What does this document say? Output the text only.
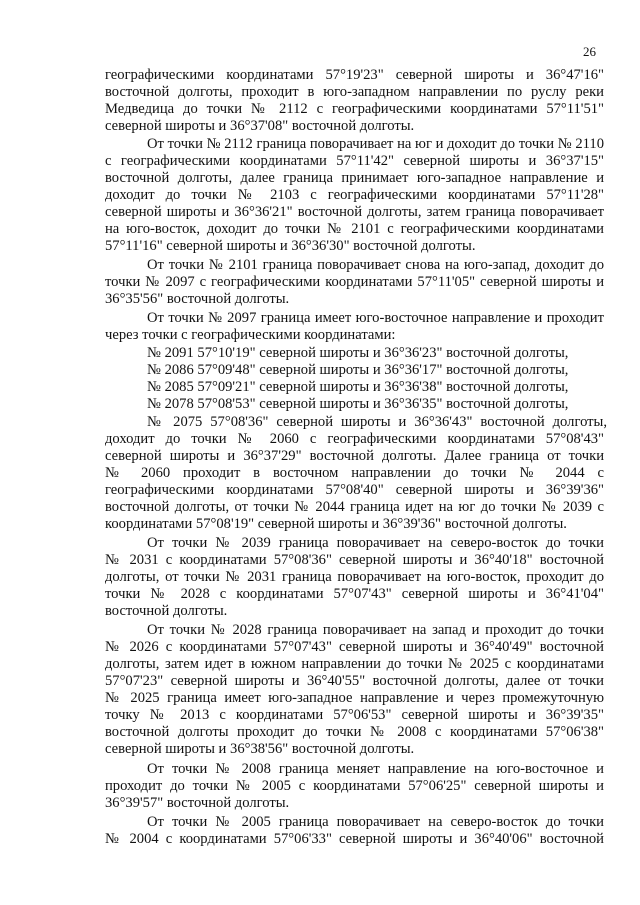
26
географическими координатами 57°19'23" северной широты и 36°47'16"
восточной долготы, проходит в юго-западном направлении по руслу реки
Медведица до точки № 2112 с географическими координатами 57°11'51"
северной широты и 36°37'08" восточной долготы.
От точки № 2112 граница поворачивает на юг и доходит до точки № 2110
с географическими координатами 57°11'42" северной широты и 36°37'15"
восточной долготы, далее граница принимает юго-западное направление и
доходит до точки № 2103 с географическими координатами 57°11'28"
северной широты и 36°36'21" восточной долготы, затем граница поворачивает
на юго-восток, доходит до точки № 2101 с географическими координатами
57°11'16" северной широты и 36°36'30" восточной долготы.
От точки № 2101 граница поворачивает снова на юго-запад, доходит до
точки № 2097 с географическими координатами 57°11'05" северной широты и
36°35'56" восточной долготы.
От точки № 2097 граница имеет юго-восточное направление и проходит
через точки с географическими координатами:
№ 2091 57°10'19" северной широты и 36°36'23" восточной долготы,
№ 2086 57°09'48" северной широты и 36°36'17" восточной долготы,
№ 2085 57°09'21" северной широты и 36°36'38" восточной долготы,
№ 2078 57°08'53" северной широты и 36°36'35" восточной долготы,
№ 2075 57°08'36" северной широты и 36°36'43" восточной долготы,
доходит до точки № 2060 с географическими координатами 57°08'43"
северной широты и 36°37'29" восточной долготы. Далее граница от точки
№ 2060 проходит в восточном направлении до точки № 2044 с
географическими координатами 57°08'40" северной широты и 36°39'36"
восточной долготы, от точки № 2044 граница идет на юг до точки № 2039 с
координатами 57°08'19" северной широты и 36°39'36" восточной долготы.
От точки № 2039 граница поворачивает на северо-восток до точки
№ 2031 с координатами 57°08'36" северной широты и 36°40'18" восточной
долготы, от точки № 2031 граница поворачивает на юго-восток, проходит до
точки № 2028 с координатами 57°07'43" северной широты и 36°41'04"
восточной долготы.
От точки № 2028 граница поворачивает на запад и проходит до точки
№ 2026 с координатами 57°07'43" северной широты и 36°40'49" восточной
долготы, затем идет в южном направлении до точки № 2025 с координатами
57°07'23" северной широты и 36°40'55" восточной долготы, далее от точки
№ 2025 граница имеет юго-западное направление и через промежуточную
точку № 2013 с координатами 57°06'53" северной широты и 36°39'35"
восточной долготы проходит до точки № 2008 с координатами 57°06'38"
северной широты и 36°38'56" восточной долготы.
От точки № 2008 граница меняет направление на юго-восточное и
проходит до точки № 2005 с координатами 57°06'25" северной широты и
36°39'57" восточной долготы.
От точки № 2005 граница поворачивает на северо-восток до точки
№ 2004 с координатами 57°06'33" северной широты и 36°40'06" восточной
